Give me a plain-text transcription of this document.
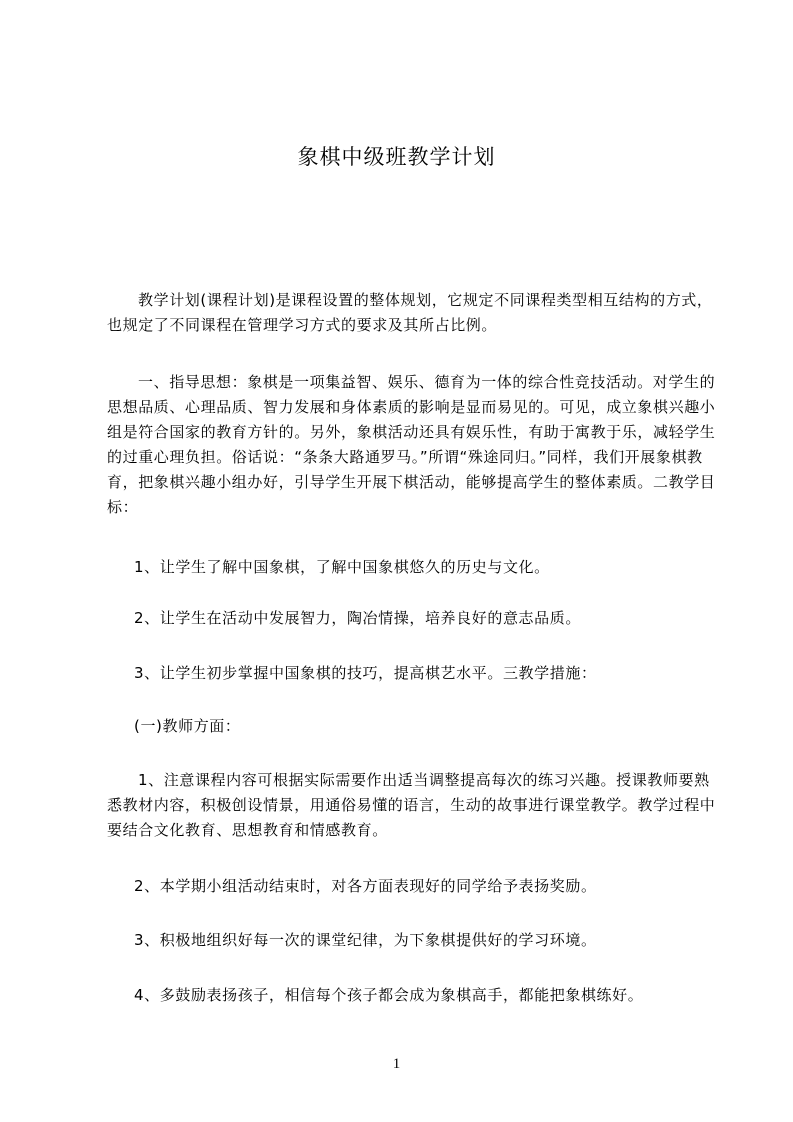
象棋中级班教学计划
教学计划(课程计划)是课程设置的整体规划，它规定不同课程类型相互结构的方式，也规定了不同课程在管理学习方式的要求及其所占比例。
一、指导思想：象棋是一项集益智、娱乐、德育为一体的综合性竞技活动。对学生的思想品质、心理品质、智力发展和身体素质的影响是显而易见的。可见，成立象棋兴趣小组是符合国家的教育方针的。另外，象棋活动还具有娱乐性，有助于寓教于乐，减轻学生的过重心理负担。俗话说：“条条大路通罗马。”所谓“殊途同归。”同样，我们开展象棋教育，把象棋兴趣小组办好，引导学生开展下棋活动，能够提高学生的整体素质。二教学目标：
1、让学生了解中国象棋，了解中国象棋悠久的历史与文化。
2、让学生在活动中发展智力，陶冶情操，培养良好的意志品质。
3、让学生初步掌握中国象棋的技巧，提高棋艺水平。三教学措施：
(一)教师方面：
1、注意课程内容可根据实际需要作出适当调整提高每次的练习兴趣。授课教师要熟悉教材内容，积极创设情景，用通俗易懂的语言，生动的故事进行课堂教学。教学过程中要结合文化教育、思想教育和情感教育。
2、本学期小组活动结束时，对各方面表现好的同学给予表扬奖励。
3、积极地组织好每一次的课堂纪律，为下象棋提供好的学习环境。
4、多鼓励表扬孩子，相信每个孩子都会成为象棋高手，都能把象棋练好。
1
